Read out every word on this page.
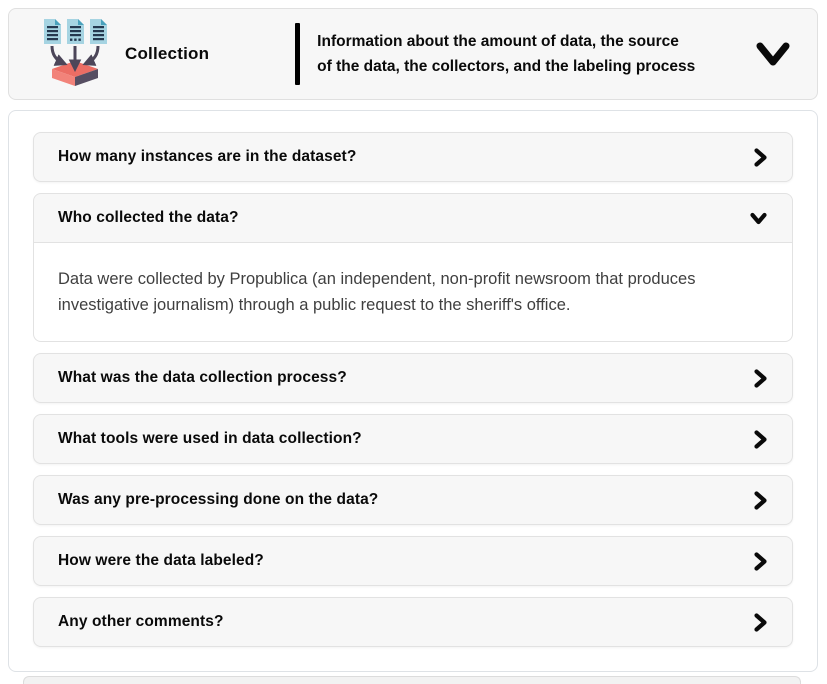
Collection
Information about the amount of data, the source
of the data, the collectors, and the labeling process
How many instances are in the dataset?
Who collected the data?

Data were collected by Propublica (an independent, non-profit newsroom that produces investigative journalism) through a public request to the sheriff's office.

What was the data collection process?
What tools were used in data collection?
Was any pre-processing done on the data?
How were the data labeled?
Any other comments?
